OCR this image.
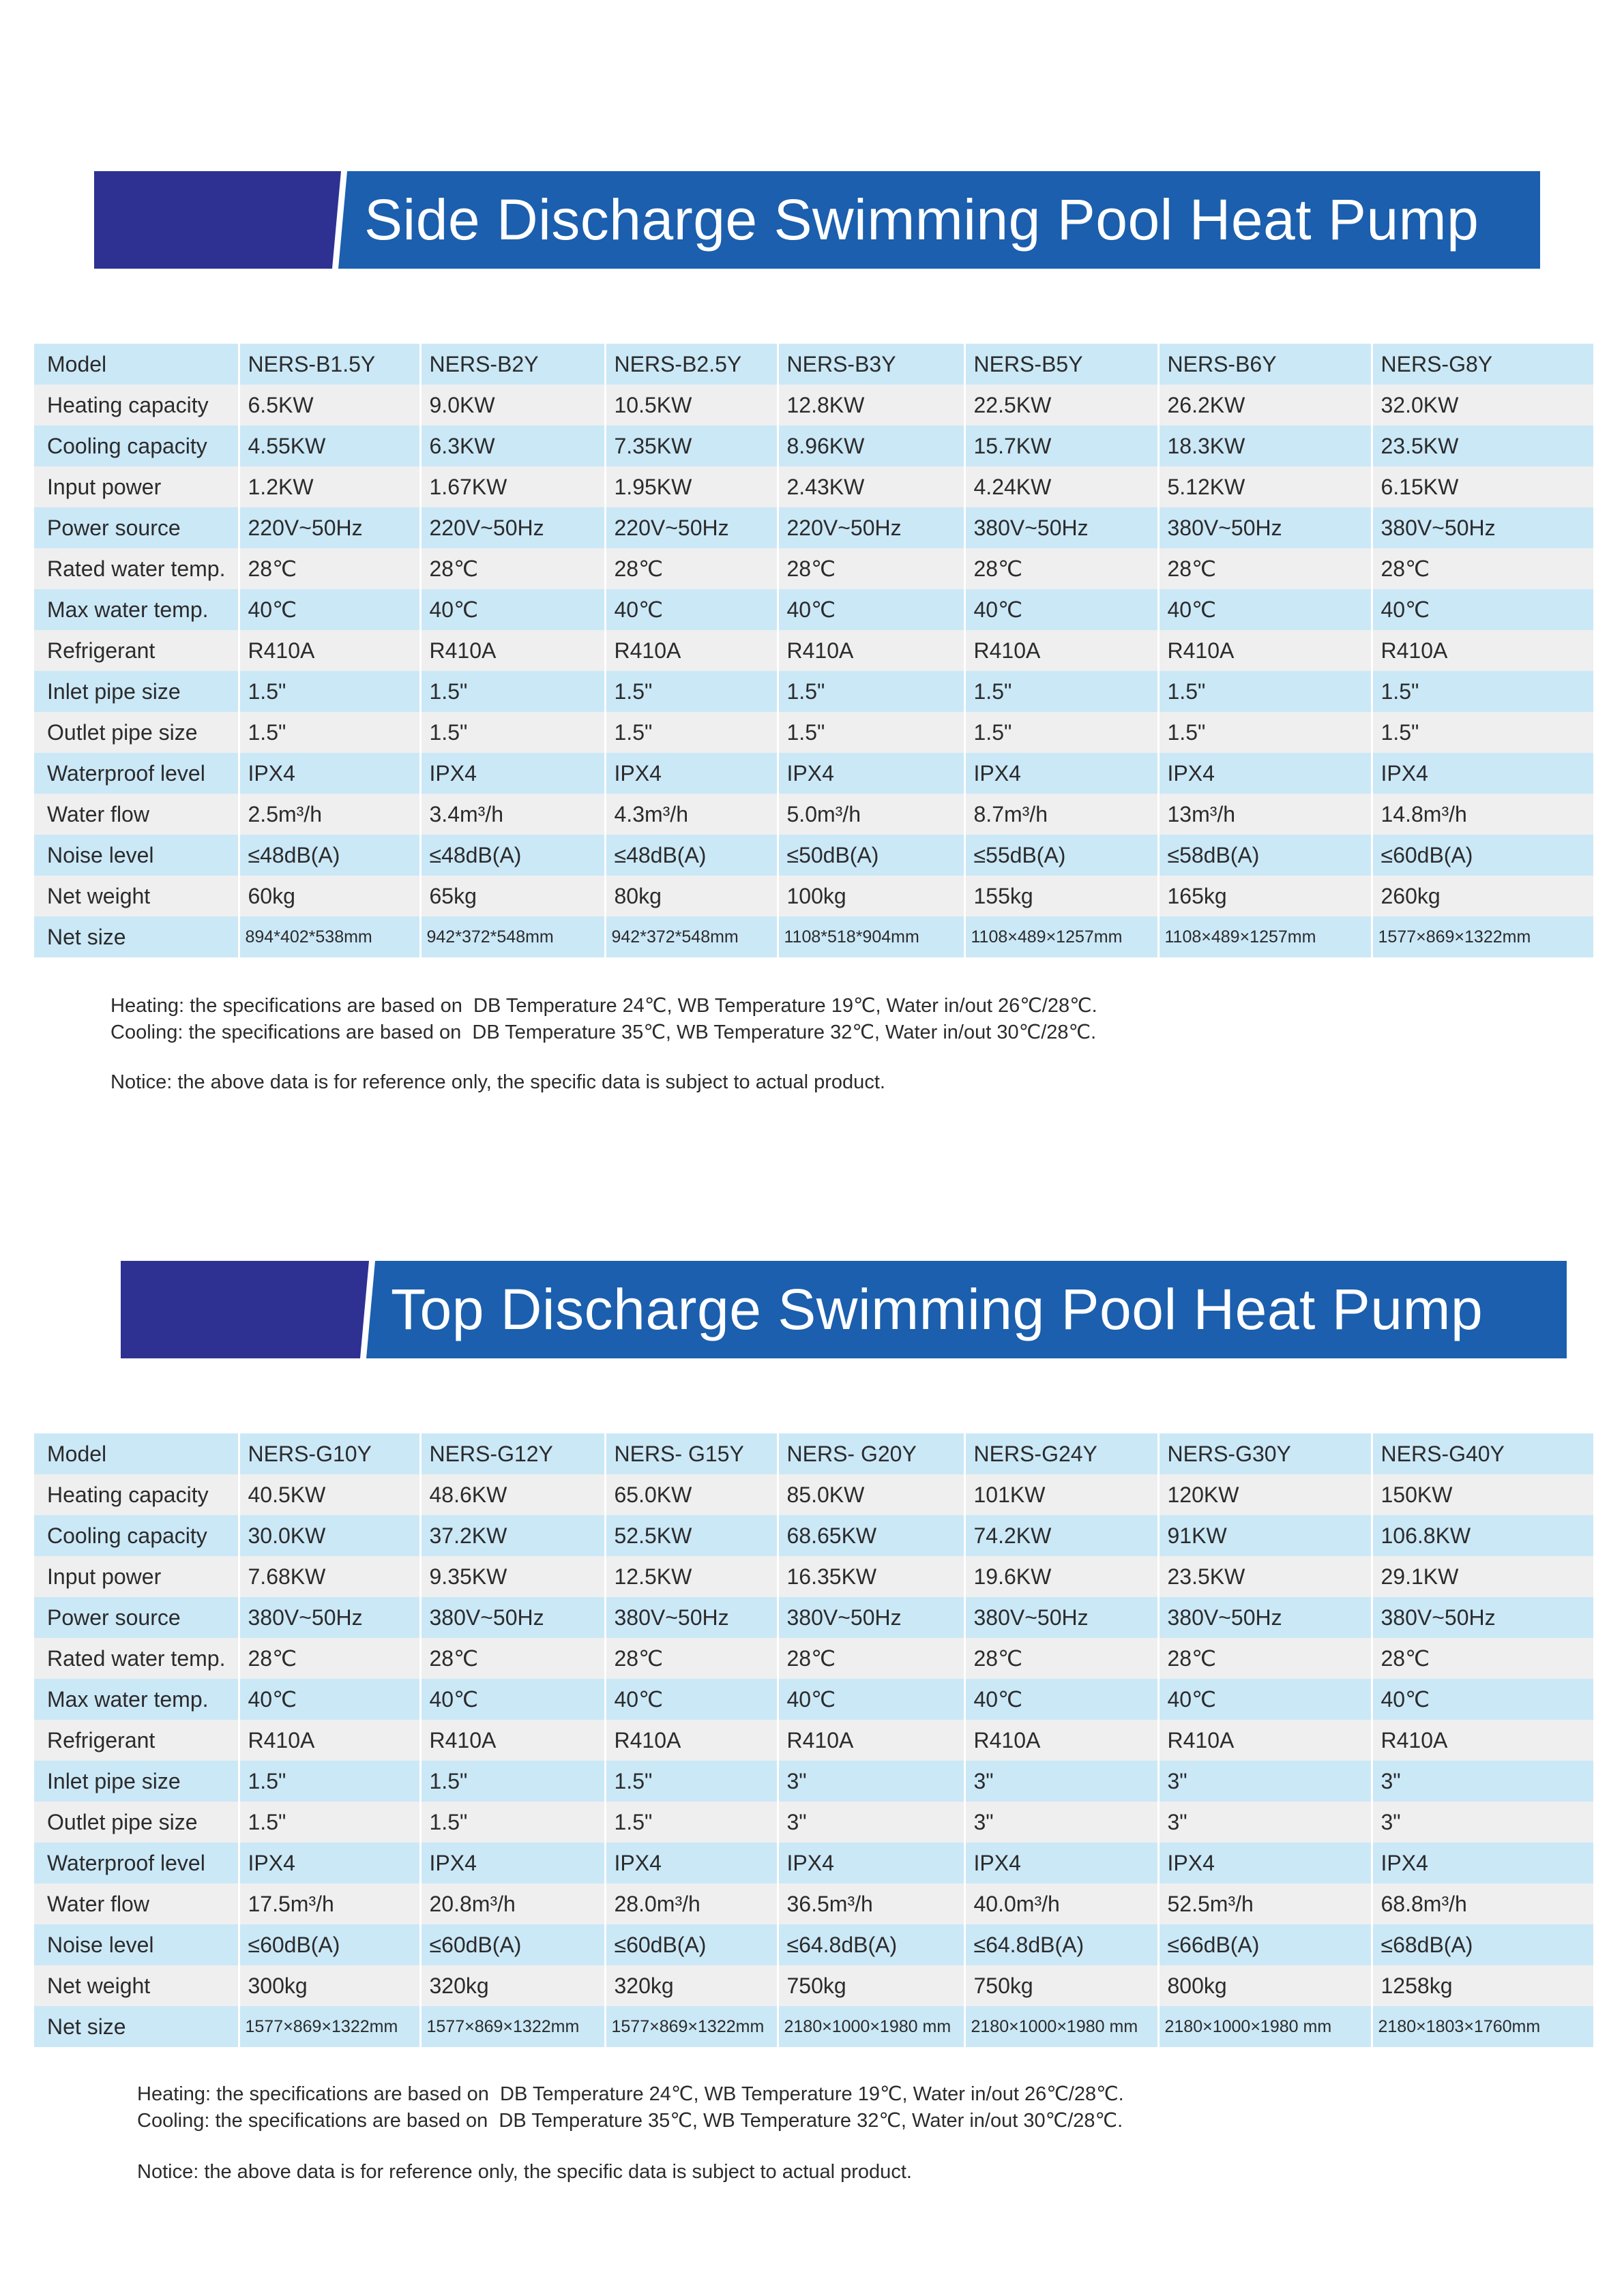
Side Discharge Swimming Pool Heat Pump
Model	NERS-B1.5Y	NERS-B2Y	NERS-B2.5Y	NERS-B3Y	NERS-B5Y	NERS-B6Y	NERS-G8Y
Heating capacity	6.5KW	9.0KW	10.5KW	12.8KW	22.5KW	26.2KW	32.0KW
Cooling capacity	4.55KW	6.3KW	7.35KW	8.96KW	15.7KW	18.3KW	23.5KW
Input power	1.2KW	1.67KW	1.95KW	2.43KW	4.24KW	5.12KW	6.15KW
Power source	220V~50Hz	220V~50Hz	220V~50Hz	220V~50Hz	380V~50Hz	380V~50Hz	380V~50Hz
Rated water temp.	28℃	28℃	28℃	28℃	28℃	28℃	28℃
Max water temp.	40℃	40℃	40℃	40℃	40℃	40℃	40℃
Refrigerant	R410A	R410A	R410A	R410A	R410A	R410A	R410A
Inlet pipe size	1.5"	1.5"	1.5"	1.5"	1.5"	1.5"	1.5"
Outlet pipe size	1.5"	1.5"	1.5"	1.5"	1.5"	1.5"	1.5"
Waterproof level	IPX4	IPX4	IPX4	IPX4	IPX4	IPX4	IPX4
Water flow	2.5m³/h	3.4m³/h	4.3m³/h	5.0m³/h	8.7m³/h	13m³/h	14.8m³/h
Noise level	≤48dB(A)	≤48dB(A)	≤48dB(A)	≤50dB(A)	≤55dB(A)	≤58dB(A)	≤60dB(A)
Net weight	60kg	65kg	80kg	100kg	155kg	165kg	260kg
Net size	894*402*538mm	942*372*548mm	942*372*548mm	1108*518*904mm	1108×489×1257mm	1108×489×1257mm	1577×869×1322mm
Heating: the specifications are based on  DB Temperature 24℃, WB Temperature 19℃, Water in/out 26℃/28℃.
Cooling: the specifications are based on  DB Temperature 35℃, WB Temperature 32℃, Water in/out 30℃/28℃.
Notice: the above data is for reference only, the specific data is subject to actual product.
Top Discharge Swimming Pool Heat Pump
Model	NERS-G10Y	NERS-G12Y	NERS- G15Y	NERS- G20Y	NERS-G24Y	NERS-G30Y	NERS-G40Y
Heating capacity	40.5KW	48.6KW	65.0KW	85.0KW	101KW	120KW	150KW
Cooling capacity	30.0KW	37.2KW	52.5KW	68.65KW	74.2KW	91KW	106.8KW
Input power	7.68KW	9.35KW	12.5KW	16.35KW	19.6KW	23.5KW	29.1KW
Power source	380V~50Hz	380V~50Hz	380V~50Hz	380V~50Hz	380V~50Hz	380V~50Hz	380V~50Hz
Rated water temp.	28℃	28℃	28℃	28℃	28℃	28℃	28℃
Max water temp.	40℃	40℃	40℃	40℃	40℃	40℃	40℃
Refrigerant	R410A	R410A	R410A	R410A	R410A	R410A	R410A
Inlet pipe size	1.5"	1.5"	1.5"	3"	3"	3"	3"
Outlet pipe size	1.5"	1.5"	1.5"	3"	3"	3"	3"
Waterproof level	IPX4	IPX4	IPX4	IPX4	IPX4	IPX4	IPX4
Water flow	17.5m³/h	20.8m³/h	28.0m³/h	36.5m³/h	40.0m³/h	52.5m³/h	68.8m³/h
Noise level	≤60dB(A)	≤60dB(A)	≤60dB(A)	≤64.8dB(A)	≤64.8dB(A)	≤66dB(A)	≤68dB(A)
Net weight	300kg	320kg	320kg	750kg	750kg	800kg	1258kg
Net size	1577×869×1322mm	1577×869×1322mm	1577×869×1322mm	2180×1000×1980 mm	2180×1000×1980 mm	2180×1000×1980 mm	2180×1803×1760mm
Heating: the specifications are based on  DB Temperature 24℃, WB Temperature 19℃, Water in/out 26℃/28℃.
Cooling: the specifications are based on  DB Temperature 35℃, WB Temperature 32℃, Water in/out 30℃/28℃.
Notice: the above data is for reference only, the specific data is subject to actual product.
